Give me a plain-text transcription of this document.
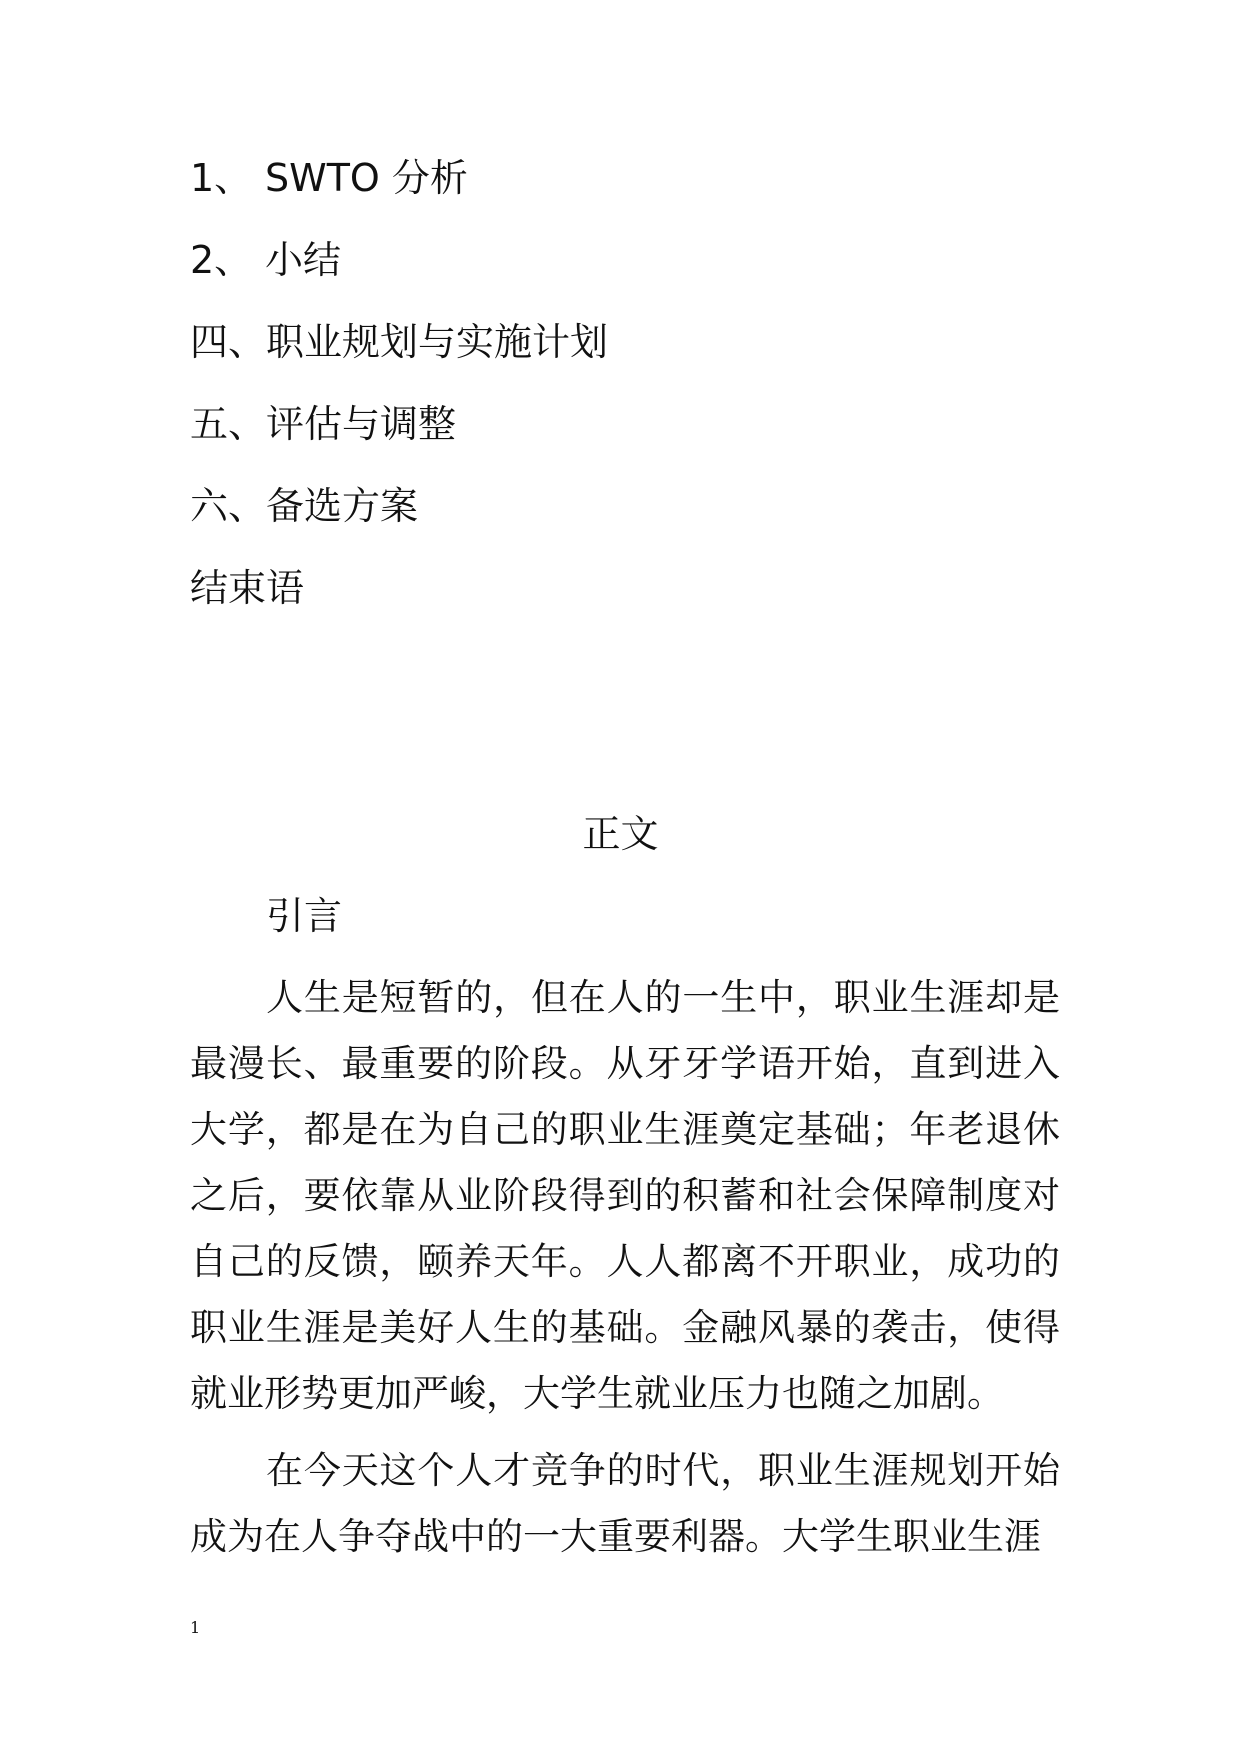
1、 SWTO 分析
2、 小结
四、职业规划与实施计划
五、评估与调整
六、备选方案
结束语
正文
引言

人生是短暂的，但在人的一生中，职业生涯却是最漫长、最重要的阶段。从牙牙学语开始，直到进入大学，都是在为自己的职业生涯奠定基础；年老退休之后，要依靠从业阶段得到的积蓄和社会保障制度对自己的反馈，颐养天年。人人都离不开职业，成功的职业生涯是美好人生的基础。金融风暴的袭击，使得就业形势更加严峻，大学生就业压力也随之加剧。

在今天这个人才竞争的时代，职业生涯规划开始成为在人争夺战中的一大重要利器。大学生职业生涯

1
